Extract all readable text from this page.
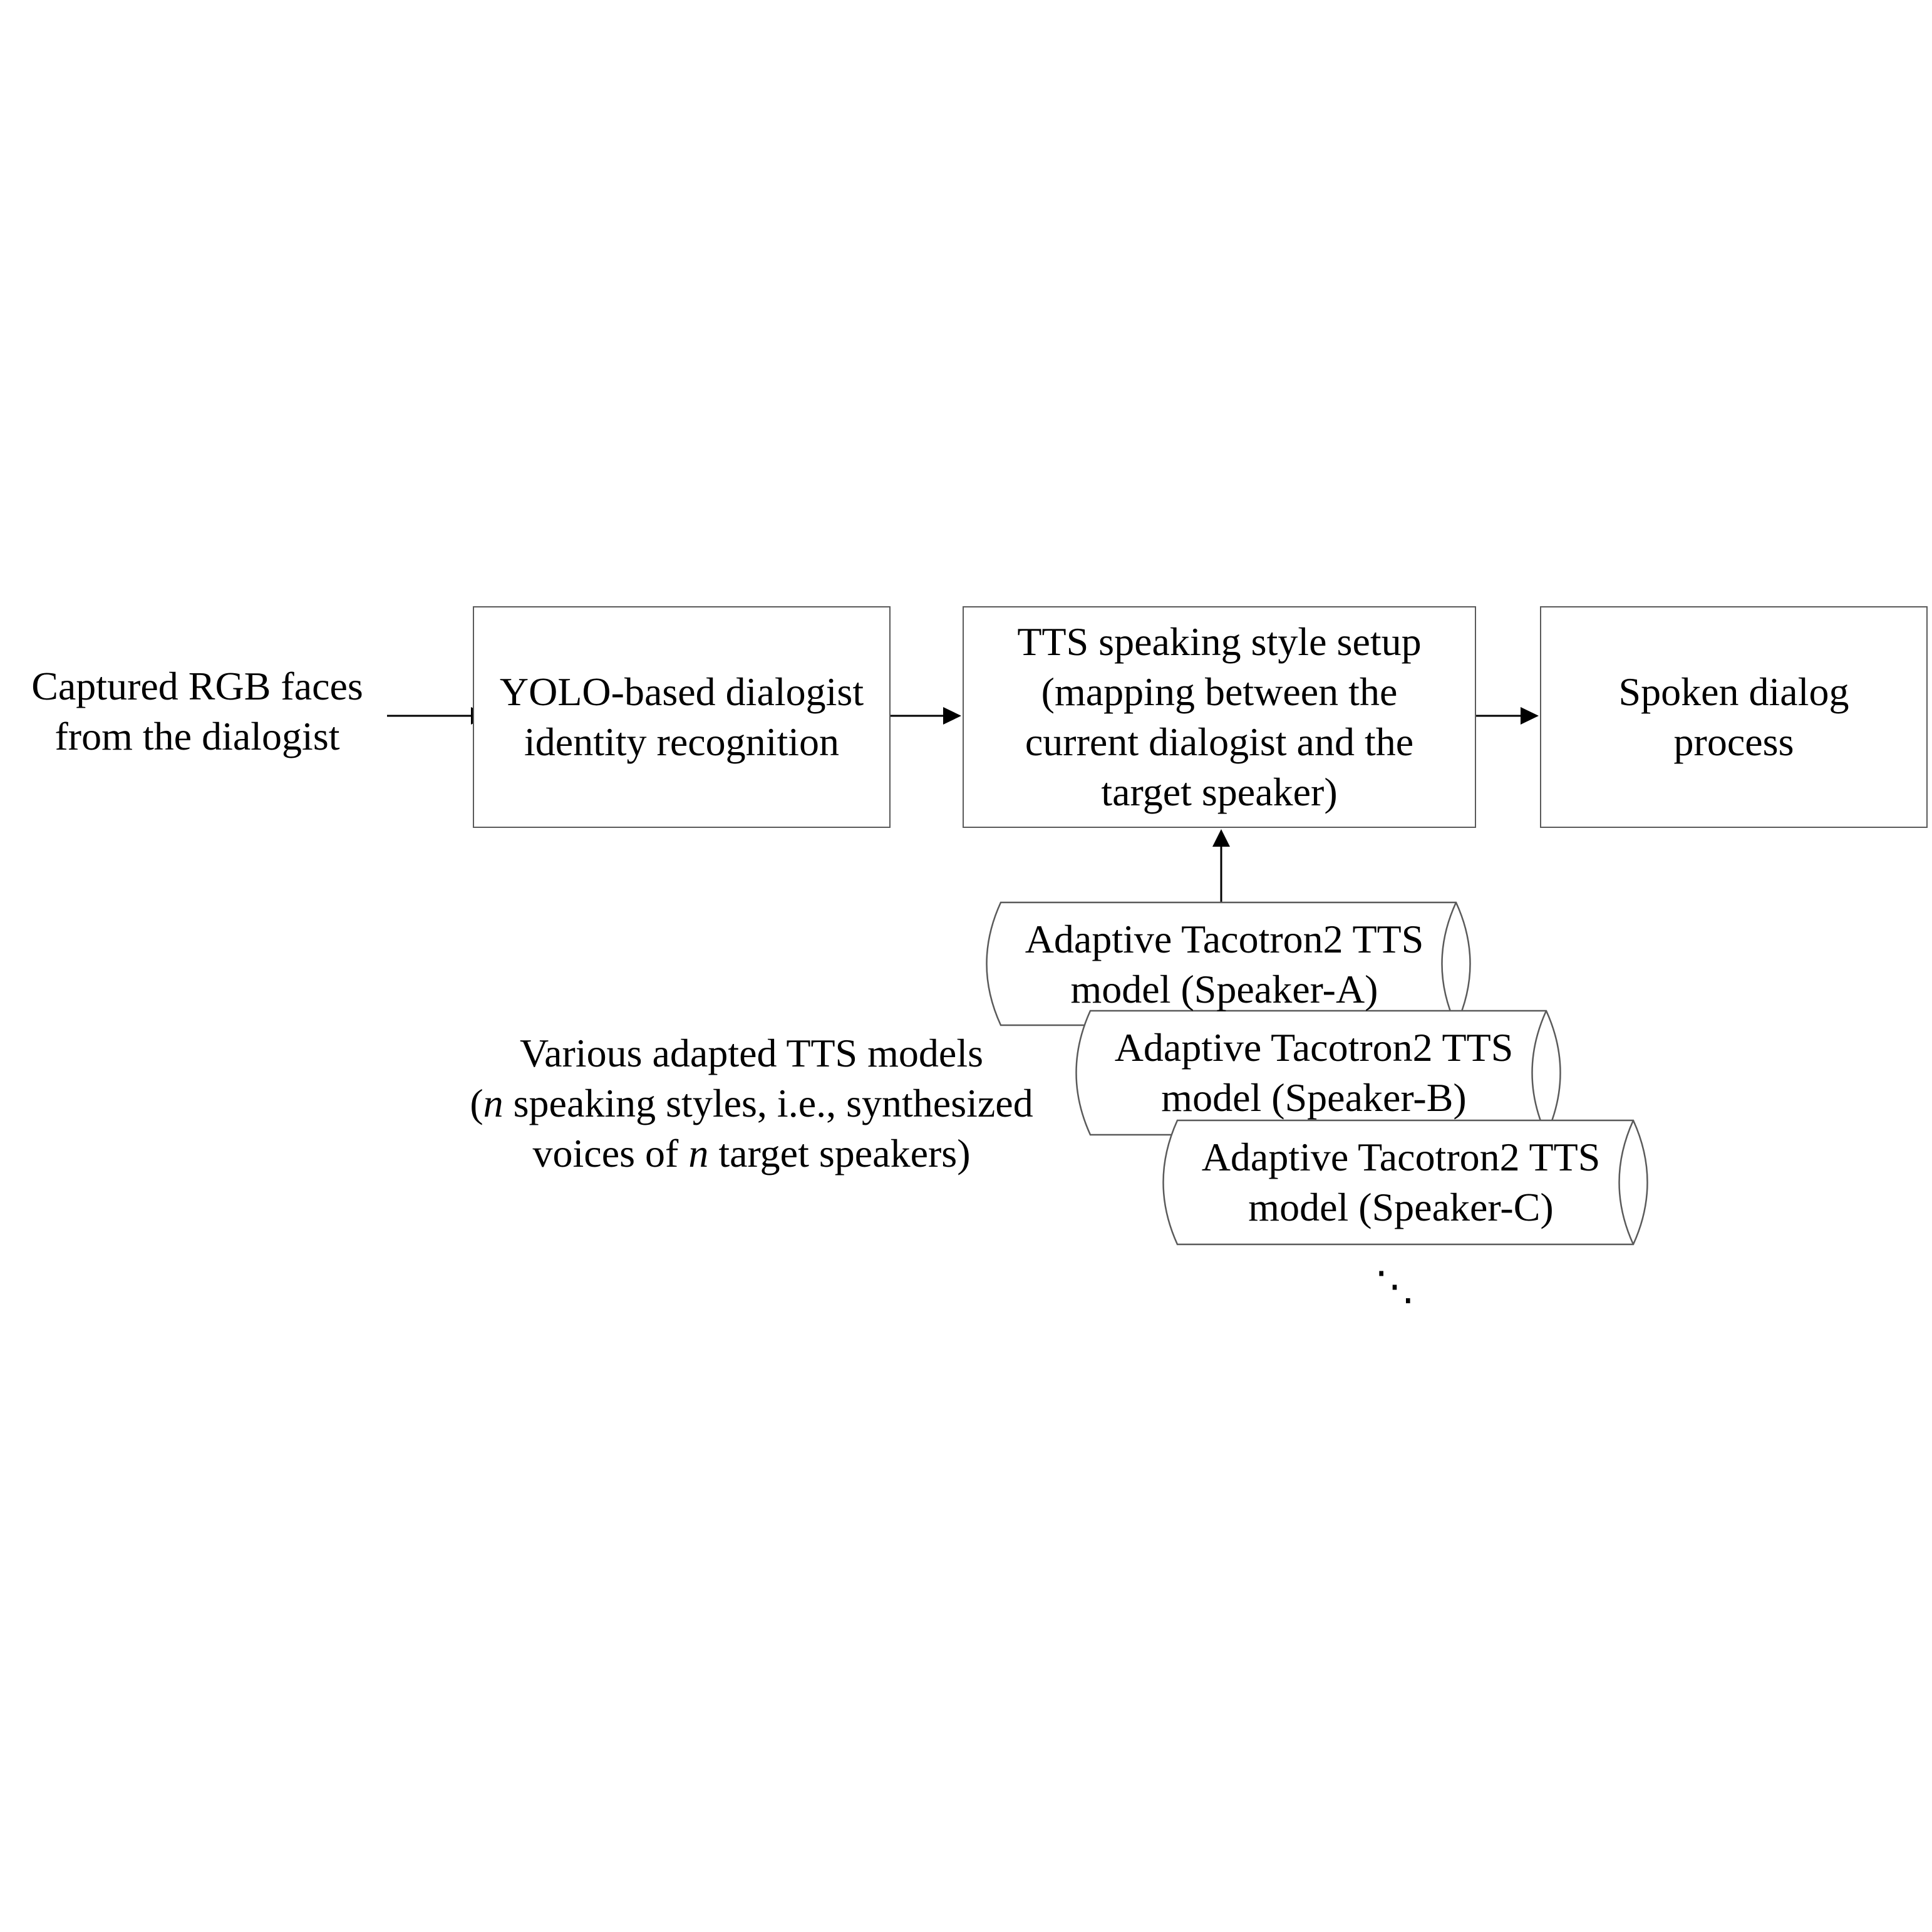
Captured RGB faces
from the dialogist
YOLO-based dialogist
identity recognition
TTS speaking style setup
(mapping between the
current dialogist and the
target speaker)
Spoken dialog
process
Adaptive Tacotron2 TTS
model (Speaker-A)
Adaptive Tacotron2 TTS
model (Speaker-B)
Adaptive Tacotron2 TTS
model (Speaker-C)
Various adapted TTS models
(n speaking styles, i.e., synthesized
voices of n target speakers)
⋱
